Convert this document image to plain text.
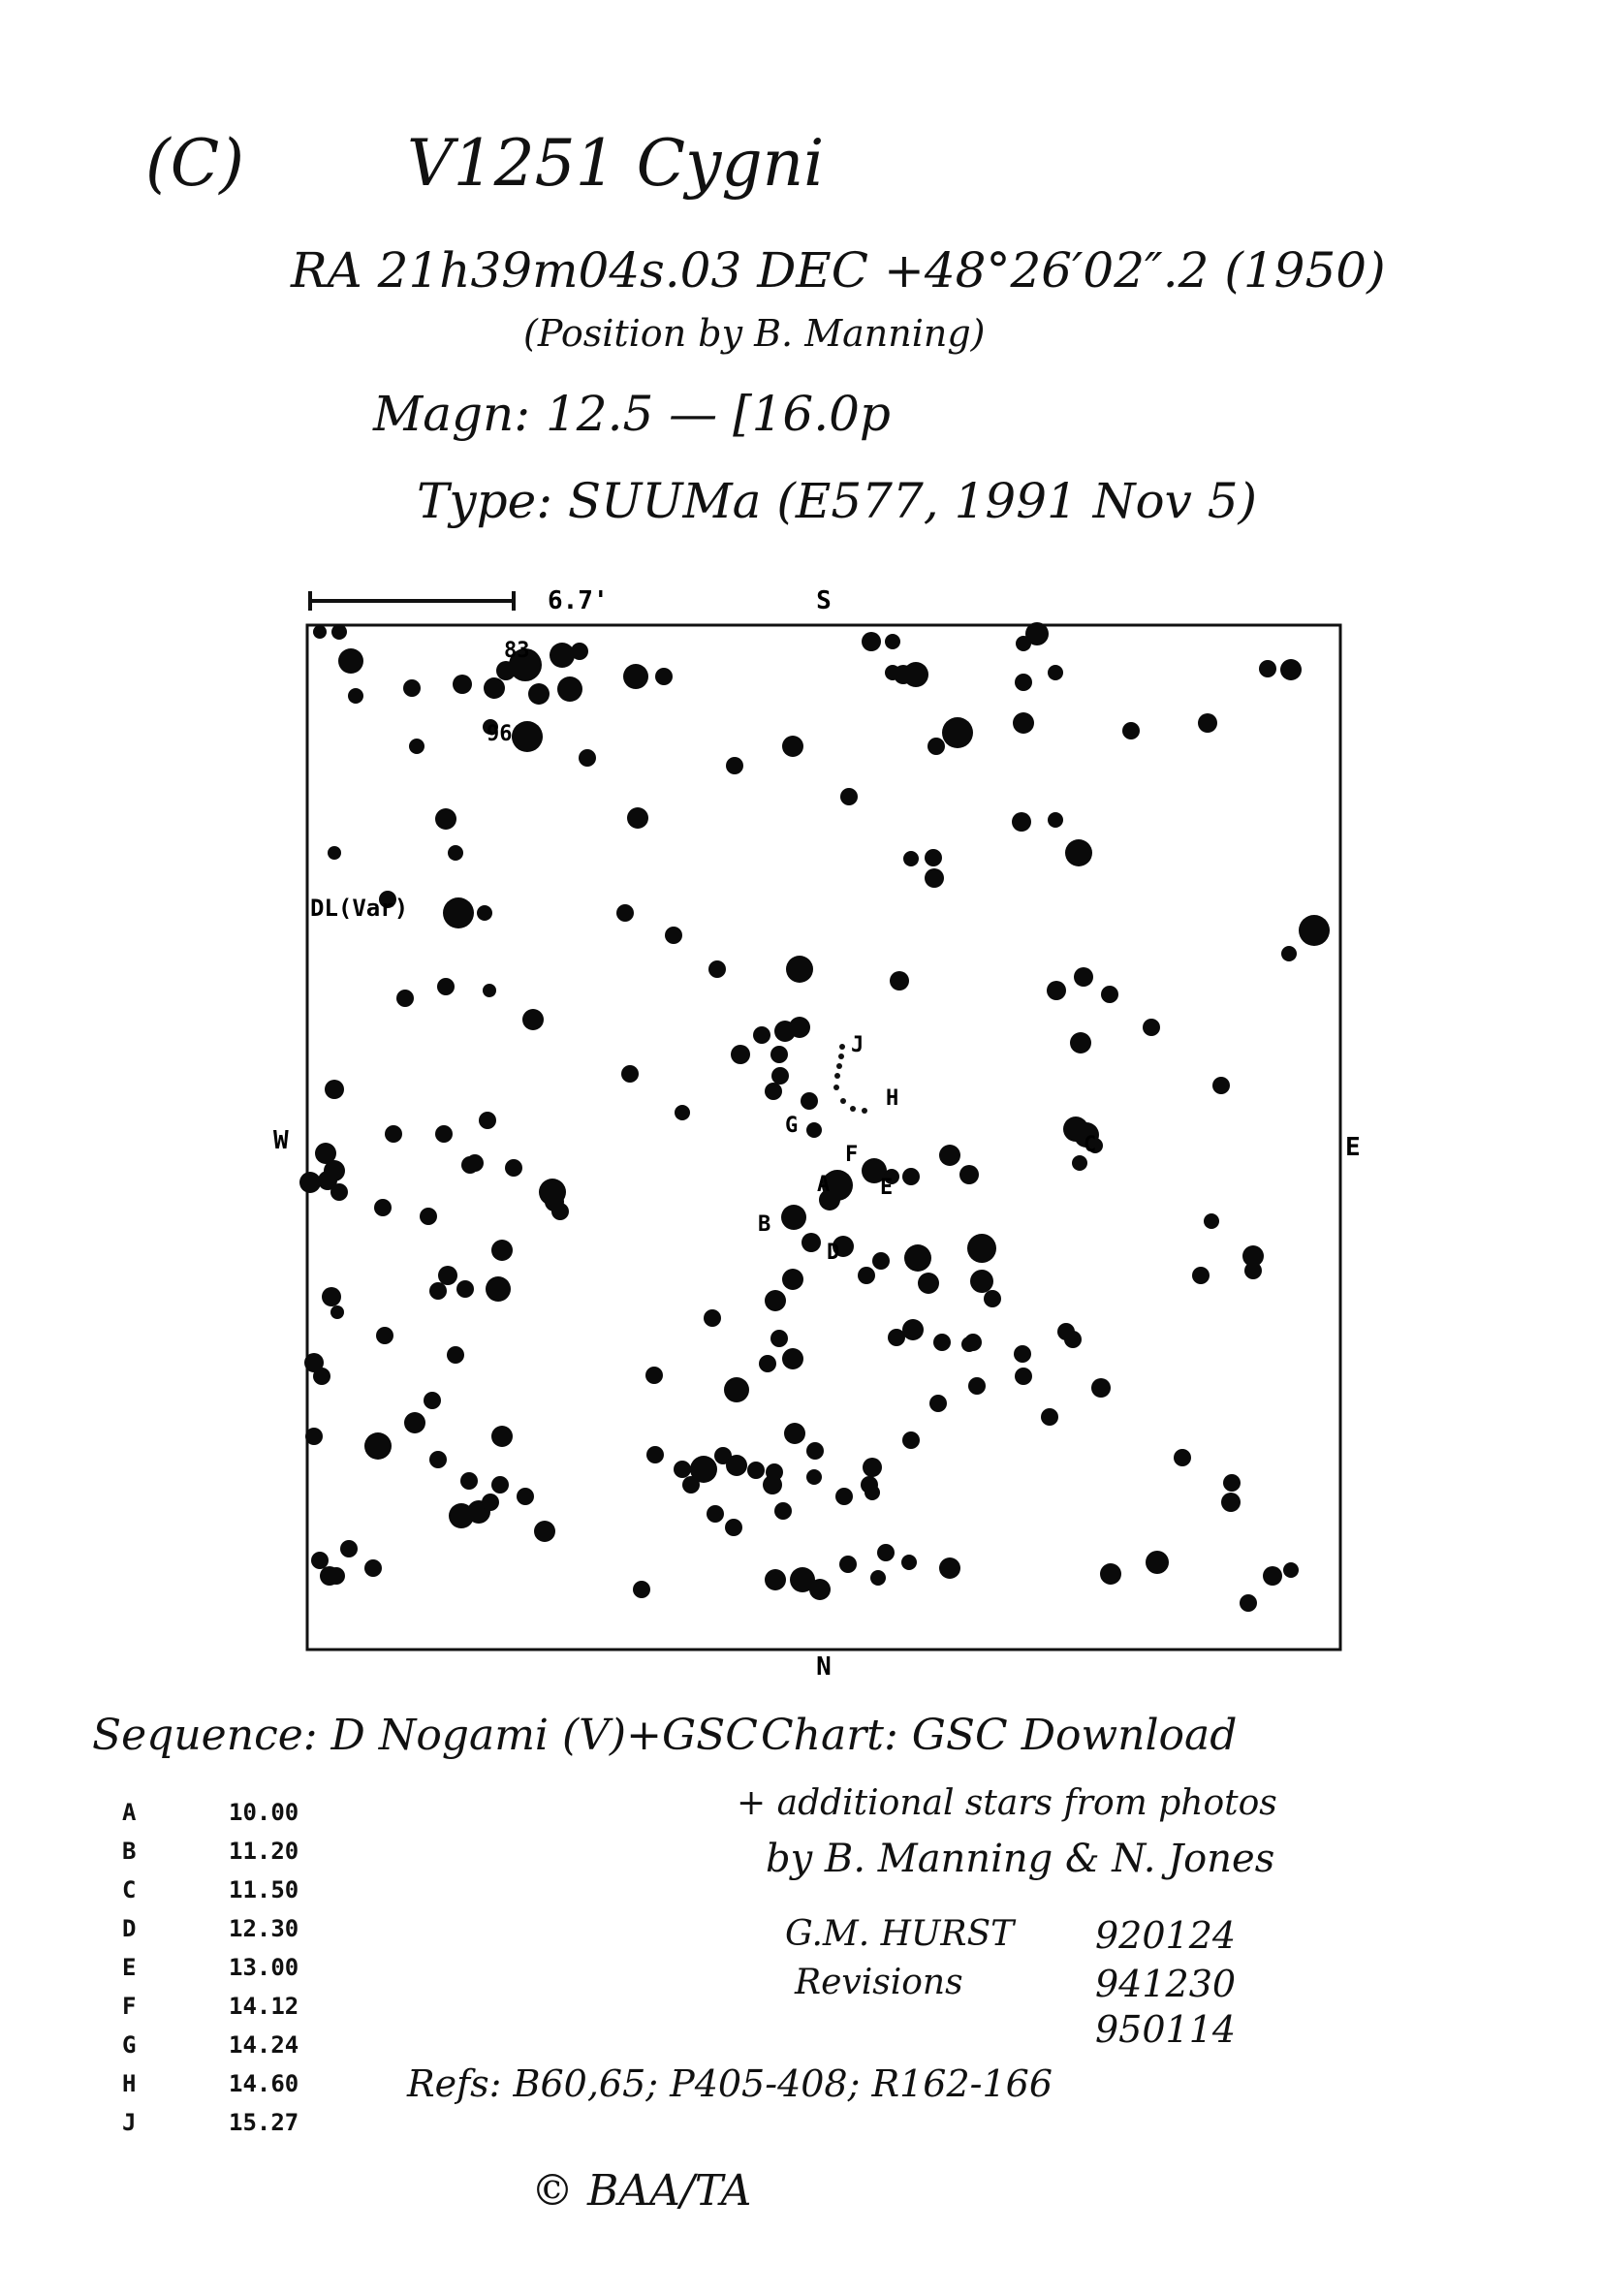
(C)	V1251 Cygni
RA 21h39m04s.03 DEC +48°26′02″.2 (1950)
(Position by B. Manning)
Magn: 12.5 — [16.0p
Type: SUUMa (E577, 1991 Nov 5)
6.7'	S
N
W	E
83
96
DL(Var)
A
B
C
D
E
F
G
H
J
Sequence: D Nogami (V)+GSC Chart: GSC Download
+ additional stars from photos
by B. Manning & N. Jones
A	10.00
B	11.20
C	11.50
D	12.30
E	13.00
F	14.12
G	14.24
H	14.60
J	15.27
G.M. HURST 920124
Revisions	941230
950114
Refs: B60,65; P405-408; R162-166
© BAA/TA
